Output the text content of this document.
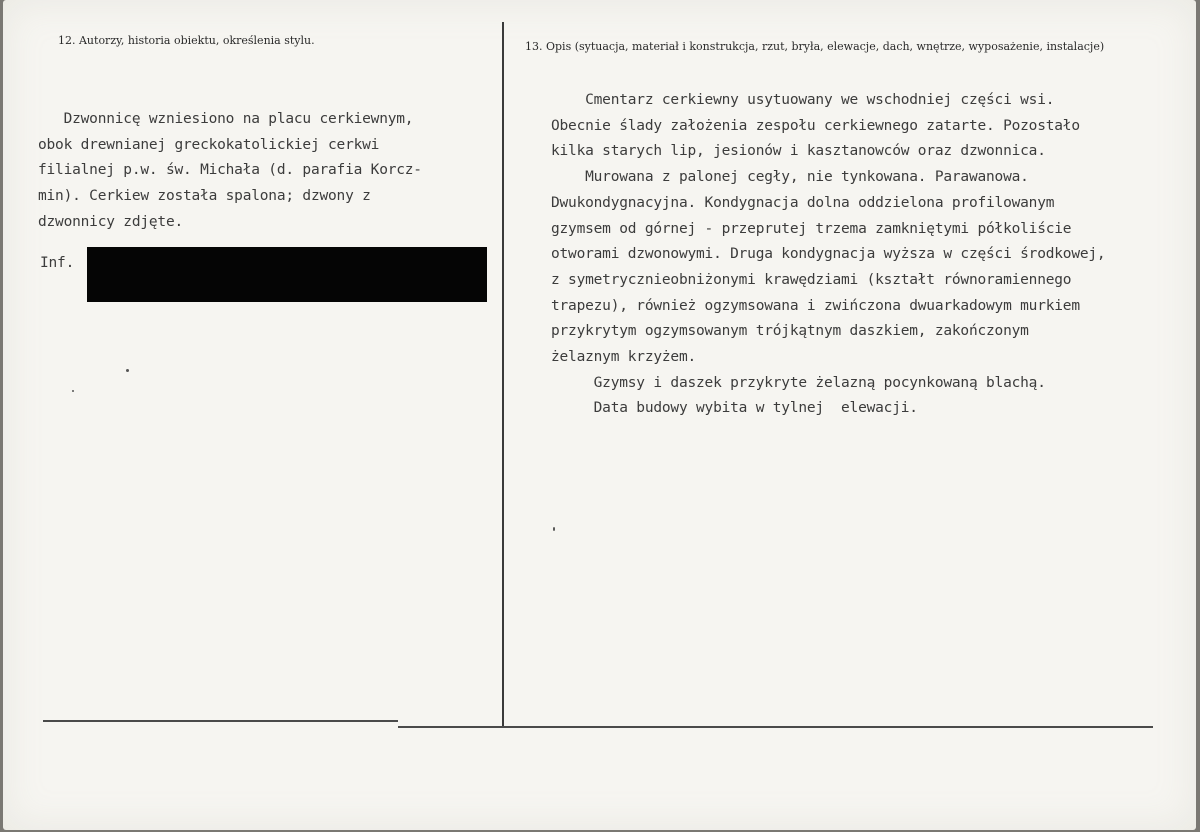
12. Autorzy, historia obiektu, określenia stylu.	13. Opis (sytuacja, materiał i konstrukcja, rzut, bryła, elewacje, dach, wnętrze, wyposażenie, instalacje)
Dzwonnicę wzniesiono na placu cerkiewnym,
obok drewnianej greckokatolickiej cerkwi
filialnej p.w. św. Michała (d. parafia Korcz-
min). Cerkiew została spalona; dzwony z
dzwonnicy zdjęte.
Inf.
Cmentarz cerkiewny usytuowany we wschodniej części wsi.
Obecnie ślady założenia zespołu cerkiewnego zatarte. Pozostało
kilka starych lip, jesionów i kasztanowców oraz dzwonnica.
Murowana z palonej cegły, nie tynkowana. Parawanowa.
Dwukondygnacyjna. Kondygnacja dolna oddzielona profilowanym
gzymsem od górnej - przeprutej trzema zamkniętymi półkoliście
otworami dzwonowymi. Druga kondygnacja wyższa w części środkowej,
z symetrycznieobniżonymi krawędziami (kształt równoramiennego
trapezu), również ogzymsowana i zwińczona dwuarkadowym murkiem
przykrytym ogzymsowanym trójkątnym daszkiem, zakończonym
żelaznym krzyżem.
Gzymsy i daszek przykryte żelazną pocynkowaną blachą.
Data budowy wybita w tylnej  elewacji.
